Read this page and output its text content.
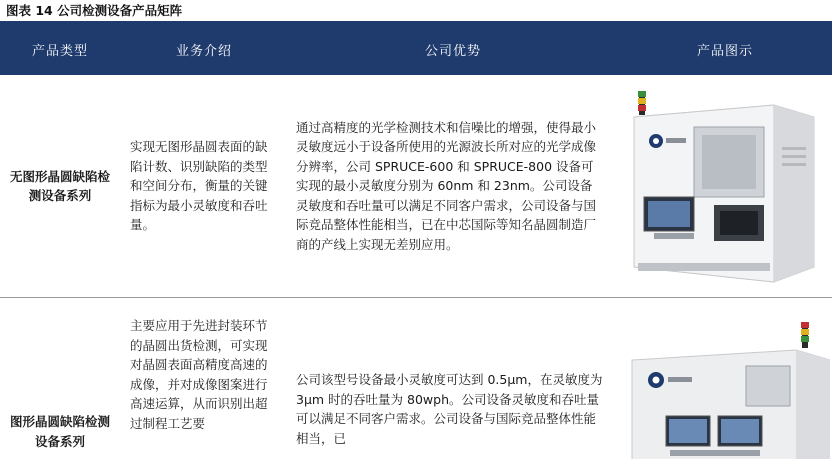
图表 14 公司检测设备产品矩阵
产品类型	业务介绍	公司优势	产品图示
无图形晶圆缺陷检测设备系列	实现无图形晶圆表面的缺陷计数、识别缺陷的类型和空间分布，衡量的关键指标为最小灵敏度和吞吐量。	通过高精度的光学检测技术和信噪比的增强，使得最小灵敏度远小于设备所使用的光源波长所对应的光学成像分辨率，公司 SPRUCE-600 和 SPRUCE-800 设备可实现的最小灵敏度分别为 60nm 和 23nm。公司设备灵敏度和吞吐量可以满足不同客户需求，公司设备与国际竞品整体性能相当，已在中芯国际等知名晶圆制造厂商的产线上实现无差别应用。

图形晶圆缺陷检测设备系列	主要应用于先进封装环节的晶圆出货检测，可实现对晶圆表面高精度高速的成像，并对成像图案进行高速运算，从而识别出超过制程工艺要	公司该型号设备最小灵敏度可达到 0.5μm，在灵敏度为 3μm 时的吞吐量为 80wph。公司设备灵敏度和吞吐量可以满足不同客户需求。公司设备与国际竞品整体性能相当，已
